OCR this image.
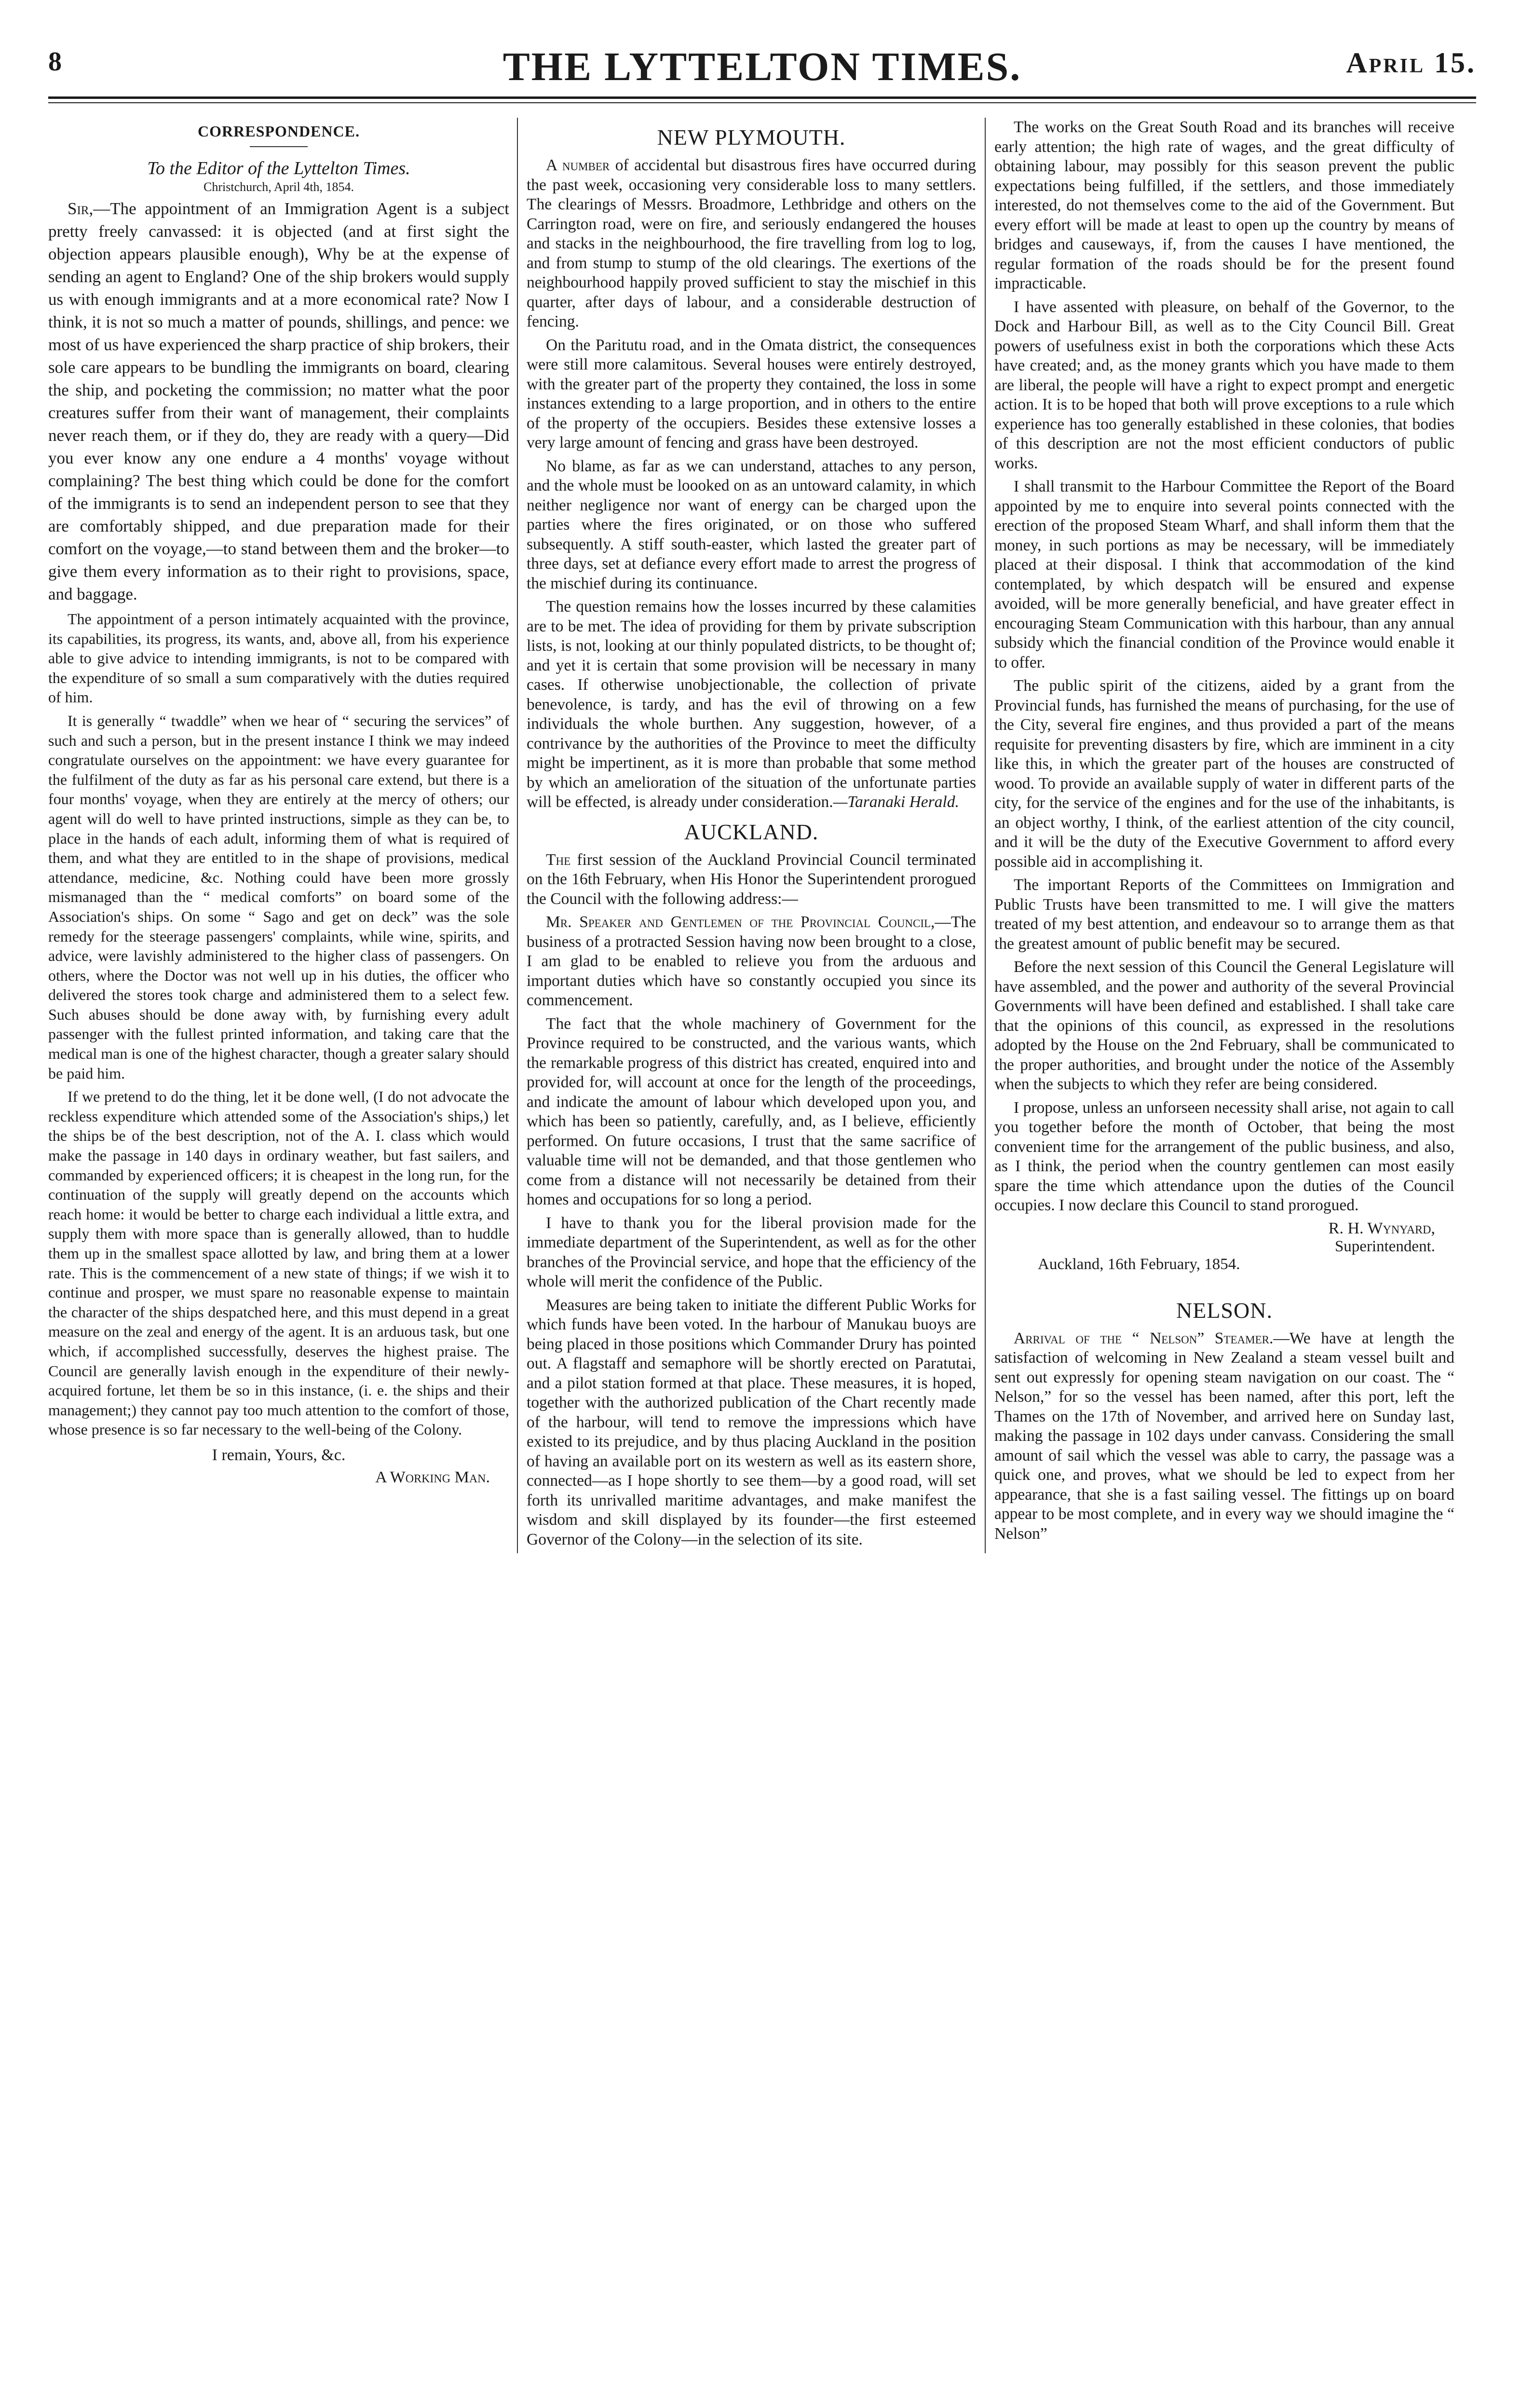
8	THE LYTTELTON TIMES.	April 15.
CORRESPONDENCE.
To the Editor of the Lyttelton Times.
Christchurch, April 4th, 1854.

Sir,—The appointment of an Immigration Agent is a subject pretty freely canvassed: it is objected (and at first sight the objection appears plausible enough), Why be at the expense of sending an agent to England? One of the ship brokers would supply us with enough immigrants and at a more economical rate? Now I think, it is not so much a matter of pounds, shillings, and pence: we most of us have experienced the sharp practice of ship brokers, their sole care appears to be bundling the immigrants on board, clearing the ship, and pocketing the commission; no matter what the poor creatures suffer from their want of management, their complaints never reach them, or if they do, they are ready with a query—Did you ever know any one endure a 4 months' voyage without complaining? The best thing which could be done for the comfort of the immigrants is to send an independent person to see that they are comfortably shipped, and due preparation made for their comfort on the voyage,—to stand between them and the broker—to give them every information as to their right to provisions, space, and baggage.

The appointment of a person intimately acquainted with the province, its capabilities, its progress, its wants, and, above all, from his experience able to give advice to intending immigrants, is not to be compared with the expenditure of so small a sum comparatively with the duties required of him.

It is generally “ twaddle” when we hear of “ securing the services” of such and such a person, but in the present instance I think we may indeed congratulate ourselves on the appointment: we have every guarantee for the fulfilment of the duty as far as his personal care extend, but there is a four months' voyage, when they are entirely at the mercy of others; our agent will do well to have printed instructions, simple as they can be, to place in the hands of each adult, informing them of what is required of them, and what they are entitled to in the shape of provisions, medical attendance, medicine, &c. Nothing could have been more grossly mismanaged than the “ medical comforts” on board some of the Association's ships. On some “ Sago and get on deck” was the sole remedy for the steerage passengers' complaints, while wine, spirits, and advice, were lavishly administered to the higher class of passengers. On others, where the Doctor was not well up in his duties, the officer who delivered the stores took charge and administered them to a select few. Such abuses should be done away with, by furnishing every adult passenger with the fullest printed information, and taking care that the medical man is one of the highest character, though a greater salary should be paid him.

If we pretend to do the thing, let it be done well, (I do not advocate the reckless expenditure which attended some of the Association's ships,) let the ships be of the best description, not of the A. I. class which would make the passage in 140 days in ordinary weather, but fast sailers, and commanded by experienced officers; it is cheapest in the long run, for the continuation of the supply will greatly depend on the accounts which reach home: it would be better to charge each individual a little extra, and supply them with more space than is generally allowed, than to huddle them up in the smallest space allotted by law, and bring them at a lower rate. This is the commencement of a new state of things; if we wish it to continue and prosper, we must spare no reasonable expense to maintain the character of the ships despatched here, and this must depend in a great measure on the zeal and energy of the agent. It is an arduous task, but one which, if accomplished successfully, deserves the highest praise. The Council are generally lavish enough in the expenditure of their newly-acquired fortune, let them be so in this instance, (i. e. the ships and their management;) they cannot pay too much attention to the comfort of those, whose presence is so far necessary to the well-being of the Colony.

I remain, Yours, &c.
A Working Man.
NEW PLYMOUTH.

A number of accidental but disastrous fires have occurred during the past week, occasioning very considerable loss to many settlers. The clearings of Messrs. Broadmore, Lethbridge and others on the Carrington road, were on fire, and seriously endangered the houses and stacks in the neighbourhood, the fire travelling from log to log, and from stump to stump of the old clearings. The exertions of the neighbourhood happily proved sufficient to stay the mischief in this quarter, after days of labour, and a considerable destruction of fencing.

On the Paritutu road, and in the Omata district, the consequences were still more calamitous. Several houses were entirely destroyed, with the greater part of the property they contained, the loss in some instances extending to a large proportion, and in others to the entire of the property of the occupiers. Besides these extensive losses a very large amount of fencing and grass have been destroyed.

No blame, as far as we can understand, attaches to any person, and the whole must be loooked on as an untoward calamity, in which neither negligence nor want of energy can be charged upon the parties where the fires originated, or on those who suffered subsequently. A stiff south-easter, which lasted the greater part of three days, set at defiance every effort made to arrest the progress of the mischief during its continuance.

The question remains how the losses incurred by these calamities are to be met. The idea of providing for them by private subscription lists, is not, looking at our thinly populated districts, to be thought of; and yet it is certain that some provision will be necessary in many cases. If otherwise unobjectionable, the collection of private benevolence, is tardy, and has the evil of throwing on a few individuals the whole burthen. Any suggestion, however, of a contrivance by the authorities of the Province to meet the difficulty might be impertinent, as it is more than probable that some method by which an amelioration of the situation of the unfortunate parties will be effected, is already under consideration.—Taranaki Herald.

AUCKLAND.

The first session of the Auckland Provincial Council terminated on the 16th February, when His Honor the Superintendent prorogued the Council with the following address:—

Mr. Speaker and Gentlemen of the Provincial Council,—The business of a protracted Session having now been brought to a close, I am glad to be enabled to relieve you from the arduous and important duties which have so constantly occupied you since its commencement.

The fact that the whole machinery of Government for the Province required to be constructed, and the various wants, which the remarkable progress of this district has created, enquired into and provided for, will account at once for the length of the proceedings, and indicate the amount of labour which developed upon you, and which has been so patiently, carefully, and, as I believe, efficiently performed. On future occasions, I trust that the same sacrifice of valuable time will not be demanded, and that those gentlemen who come from a distance will not necessarily be detained from their homes and occupations for so long a period.

I have to thank you for the liberal provision made for the immediate department of the Superintendent, as well as for the other branches of the Provincial service, and hope that the efficiency of the whole will merit the confidence of the Public.

Measures are being taken to initiate the different Public Works for which funds have been voted. In the harbour of Manukau buoys are being placed in those positions which Commander Drury has pointed out. A flagstaff and semaphore will be shortly erected on Paratutai, and a pilot station formed at that place. These measures, it is hoped, together with the authorized publication of the Chart recently made of the harbour, will tend to remove the impressions which have existed to its prejudice, and by thus placing Auckland in the position of having an available port on its western as well as its eastern shore, connected—as I hope shortly to see them—by a good road, will set forth its unrivalled maritime advantages, and make manifest the wisdom and skill displayed by its founder—the first esteemed Governor of the Colony—in the selection of its site.

The works on the Great South Road and its branches will receive early attention; the high rate of wages, and the great difficulty of obtaining labour, may possibly for this season prevent the public expectations being fulfilled, if the settlers, and those immediately interested, do not themselves come to the aid of the Government. But every effort will be made at least to open up the country by means of bridges and causeways, if, from the causes I have mentioned, the regular formation of the roads should be for the present found impracticable.

I have assented with pleasure, on behalf of the Governor, to the Dock and Harbour Bill, as well as to the City Council Bill. Great powers of usefulness exist in both the corporations which these Acts have created; and, as the money grants which you have made to them are liberal, the people will have a right to expect prompt and energetic action. It is to be hoped that both will prove exceptions to a rule which experience has too generally established in these colonies, that bodies of this description are not the most efficient conductors of public works.

I shall transmit to the Harbour Committee the Report of the Board appointed by me to enquire into several points connected with the erection of the proposed Steam Wharf, and shall inform them that the money, in such portions as may be necessary, will be immediately placed at their disposal. I think that accommodation of the kind contemplated, by which despatch will be ensured and expense avoided, will be more generally beneficial, and have greater effect in encouraging Steam Communication with this harbour, than any annual subsidy which the financial condition of the Province would enable it to offer.

The public spirit of the citizens, aided by a grant from the Provincial funds, has furnished the means of purchasing, for the use of the City, several fire engines, and thus provided a part of the means requisite for preventing disasters by fire, which are imminent in a city like this, in which the greater part of the houses are constructed of wood. To provide an available supply of water in different parts of the city, for the service of the engines and for the use of the inhabitants, is an object worthy, I think, of the earliest attention of the city council, and it will be the duty of the Executive Government to afford every possible aid in accomplishing it.

The important Reports of the Committees on Immigration and Public Trusts have been transmitted to me. I will give the matters treated of my best attention, and endeavour so to arrange them as that the greatest amount of public benefit may be secured.

Before the next session of this Council the General Legislature will have assembled, and the power and authority of the several Provincial Governments will have been defined and established. I shall take care that the opinions of this council, as expressed in the resolutions adopted by the House on the 2nd February, shall be communicated to the proper authorities, and brought under the notice of the Assembly when the subjects to which they refer are being considered.

I propose, unless an unforseen necessity shall arise, not again to call you together before the month of October, that being the most convenient time for the arrangement of the public business, and also, as I think, the period when the country gentlemen can most easily spare the time which attendance upon the duties of the Council occupies. I now declare this Council to stand prorogued.

R. H. Wynyard,
Superintendent.
Auckland, 16th February, 1854.
NELSON.

Arrival of the “ Nelson” Steamer.—We have at length the satisfaction of welcoming in New Zealand a steam vessel built and sent out expressly for opening steam navigation on our coast. The “ Nelson,” for so the vessel has been named, after this port, left the Thames on the 17th of November, and arrived here on Sunday last, making the passage in 102 days under canvass. Considering the small amount of sail which the vessel was able to carry, the passage was a quick one, and proves, what we should be led to expect from her appearance, that she is a fast sailing vessel. The fittings up on board appear to be most complete, and in every way we should imagine the “ Nelson”
